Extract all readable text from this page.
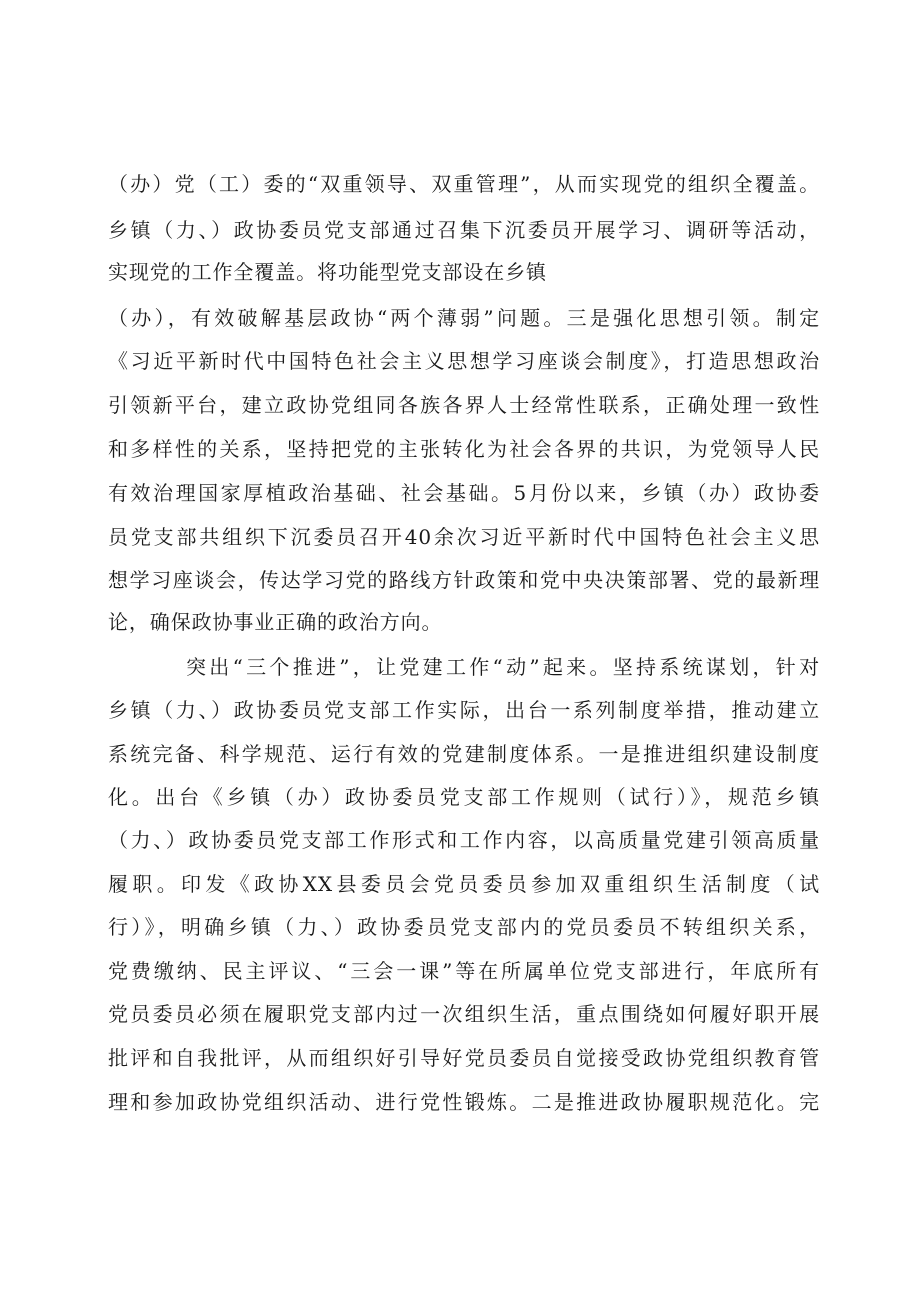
（办）党（工）委的“双重领导、双重管理”，从而实现党的组织全覆盖。
乡镇（力、）政协委员党支部通过召集下沉委员开展学习、调研等活动，
实现党的工作全覆盖。将功能型党支部设在乡镇
（办），有效破解基层政协“两个薄弱”问题。三是强化思想引领。制定
《习近平新时代中国特色社会主义思想学习座谈会制度》，打造思想政治
引领新平台，建立政协党组同各族各界人士经常性联系，正确处理一致性
和多样性的关系，坚持把党的主张转化为社会各界的共识，为党领导人民
有效治理国家厚植政治基础、社会基础。5月份以来，乡镇（办）政协委
员党支部共组织下沉委员召开40余次习近平新时代中国特色社会主义思
想学习座谈会，传达学习党的路线方针政策和党中央决策部署、党的最新理
论，确保政协事业正确的政治方向。
突出“三个推进”，让党建工作“动”起来。坚持系统谋划，针对
乡镇（力、）政协委员党支部工作实际，出台一系列制度举措，推动建立
系统完备、科学规范、运行有效的党建制度体系。一是推进组织建设制度
化。出台《乡镇（办）政协委员党支部工作规则（试行）》，规范乡镇
（力、）政协委员党支部工作形式和工作内容，以高质量党建引领高质量
履职。印发《政协XX县委员会党员委员参加双重组织生活制度（试
行）》，明确乡镇（力、）政协委员党支部内的党员委员不转组织关系，
党费缴纳、民主评议、“三会一课”等在所属单位党支部进行，年底所有
党员委员必须在履职党支部内过一次组织生活，重点围绕如何履好职开展
批评和自我批评，从而组织好引导好党员委员自觉接受政协党组织教育管
理和参加政协党组织活动、进行党性锻炼。二是推进政协履职规范化。完
